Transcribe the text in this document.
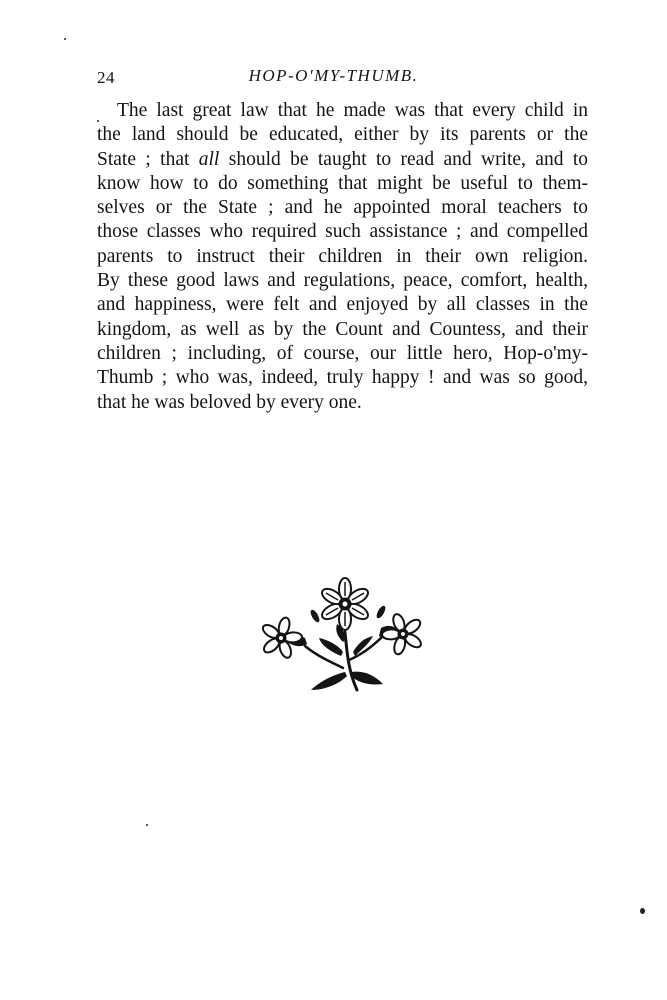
24	HOP-O'MY-THUMB.
The last great law that he made was that every child in
the land should be educated, either by its parents or the
State ; that all should be taught to read and write, and to
know how to do something that might be useful to them-
selves or the State ; and he appointed moral teachers to
those classes who required such assistance ; and compelled
parents to instruct their children in their own religion.
By these good laws and regulations, peace, comfort, health,
and happiness, were felt and enjoyed by all classes in the
kingdom, as well as by the Count and Countess, and their
children ; including, of course, our little hero, Hop-o'my-
Thumb ; who was, indeed, truly happy ! and was so good,
that he was beloved by every one.
